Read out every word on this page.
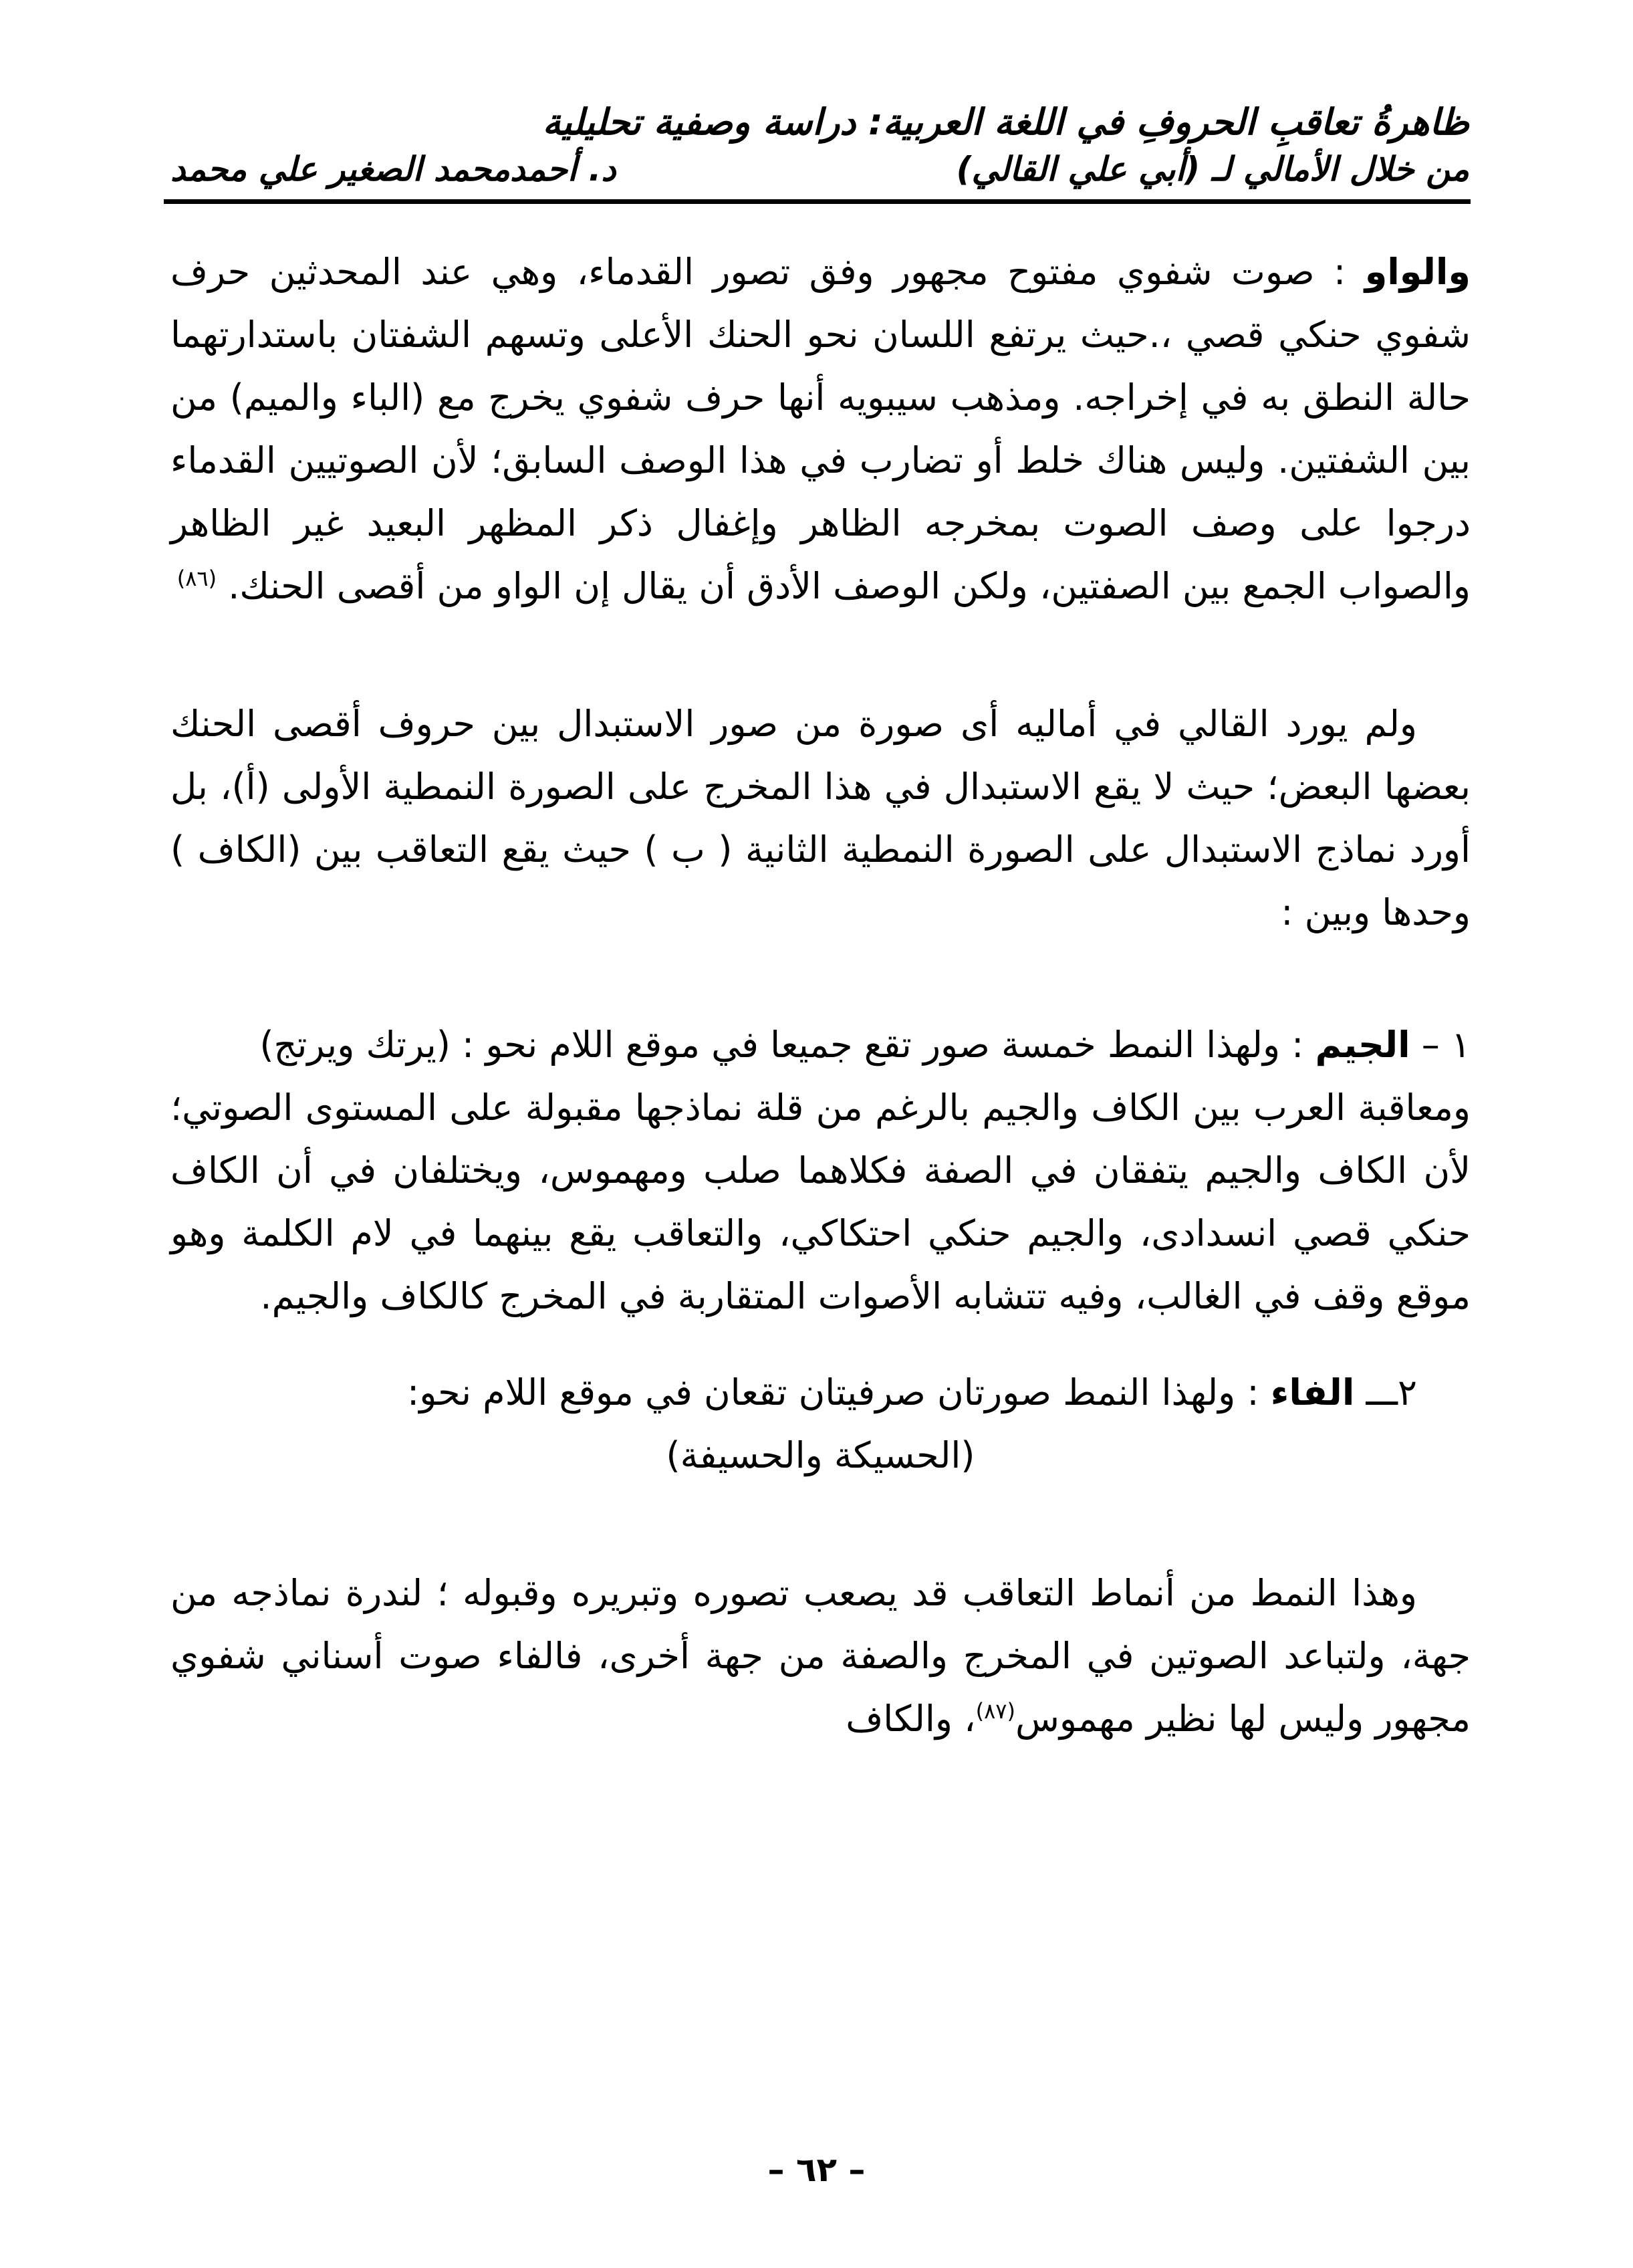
ظاهرةُ تعاقبِ الحروفِ في اللغة العربية: دراسة وصفية تحليلية
من خلال الأمالي لـ (أبي علي القالي)
د. أحمدمحمد الصغير علي محمد

والواو : صوت شفوي مفتوح مجهور وفق تصور القدماء، وهي عند المحدثين حرف شفوي حنكي قصي ،.حيث يرتفع اللسان نحو الحنك الأعلى وتسهم الشفتان باستدارتهما حالة النطق به في إخراجه. ومذهب سيبويه أنها حرف شفوي يخرج مع (الباء والميم) من بين الشفتين. وليس هناك خلط أو تضارب في هذا الوصف السابق؛ لأن الصوتيين القدماء درجوا على وصف الصوت بمخرجه الظاهر وإغفال ذكر المظهر البعيد غير الظاهر والصواب الجمع بين الصفتين، ولكن الوصف الأدق أن يقال إن الواو من أقصى الحنك. $^{(٨٦)}$

ولم يورد القالي في أماليه أى صورة من صور الاستبدال بين حروف أقصى الحنك بعضها البعض؛ حيث لا يقع الاستبدال في هذا المخرج على الصورة النمطية الأولى (أ)، بل أورد نماذج الاستبدال على الصورة النمطية الثانية ( ب ) حيث يقع التعاقب بين (الكاف ) وحدها وبين :

١ – الجيم : ولهذا النمط خمسة صور تقع جميعا في موقع اللام نحو : (يرتك ويرتج)

ومعاقبة العرب بين الكاف والجيم بالرغم من قلة نماذجها مقبولة على المستوى الصوتي؛ لأن الكاف والجيم يتفقان في الصفة فكلاهما صلب ومهموس، ويختلفان في أن الكاف حنكي قصي انسدادى، والجيم حنكي احتكاكي، والتعاقب يقع بينهما في لام الكلمة وهو موقع وقف في الغالب، وفيه تتشابه الأصوات المتقاربة في المخرج كالكاف والجيم.

٢ـــ الفاء : ولهذا النمط صورتان صرفيتان تقعان في موقع اللام نحو:

(الحسيكة والحسيفة)

وهذا النمط من أنماط التعاقب قد يصعب تصوره وتبريره وقبوله ؛ لندرة نماذجه من جهة، ولتباعد الصوتين في المخرج والصفة من جهة أخرى، فالفاء صوت أسناني شفوي مجهور وليس لها نظير مهموس$^{(٨٧)}$، والكاف

– ٦٢ –
